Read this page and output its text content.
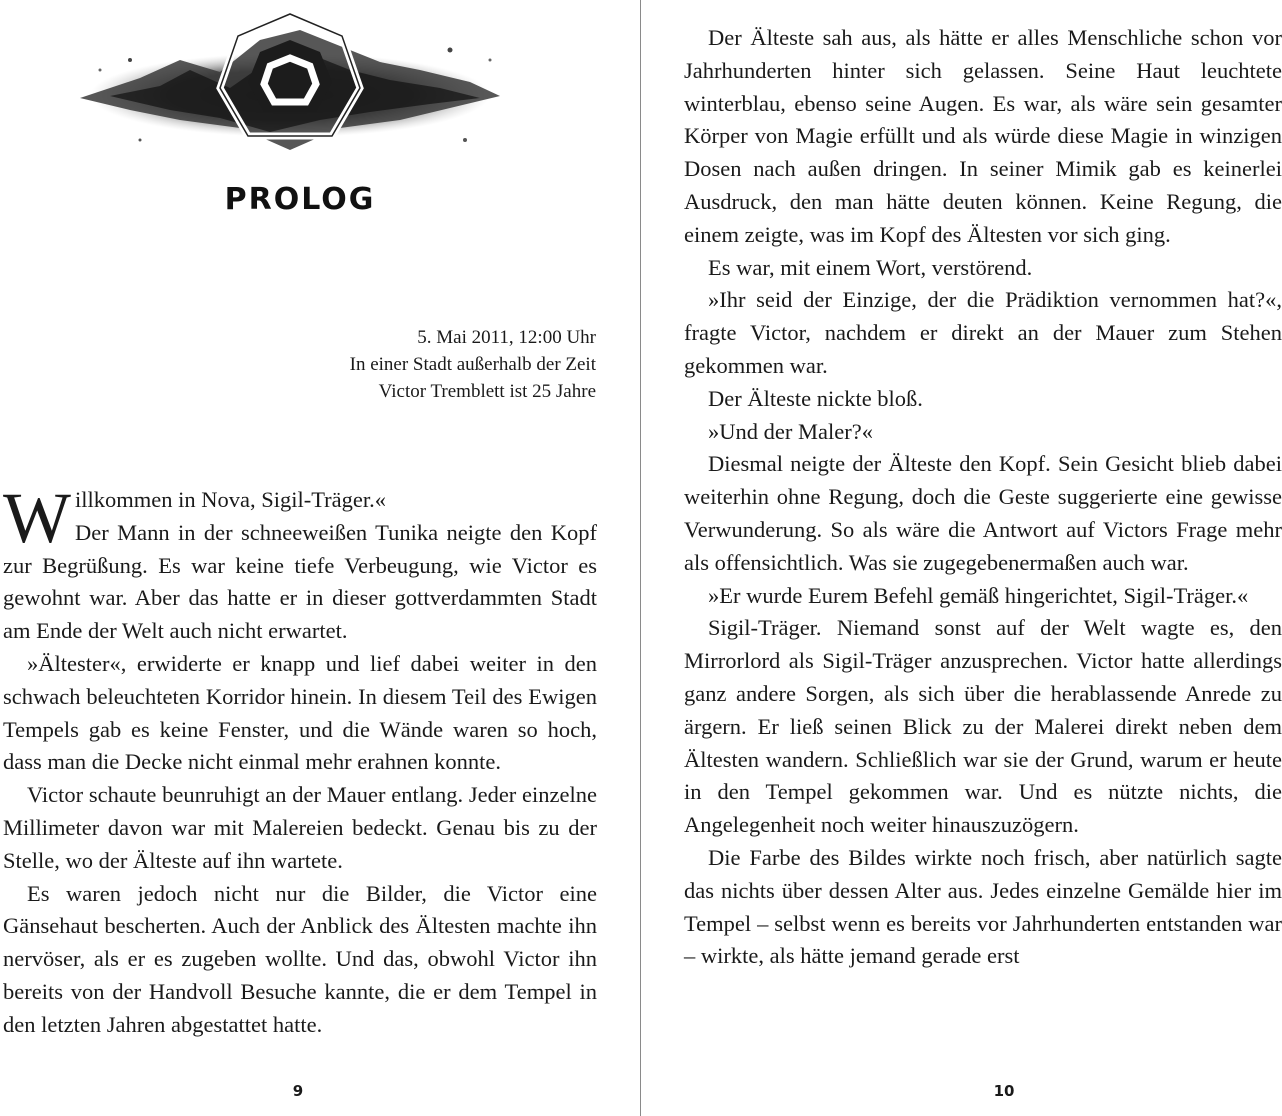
PROLOG
5. Mai 2011, 12:00 Uhr
In einer Stadt außerhalb der Zeit
Victor Tremblett ist 25 Jahre

Willkommen in Nova, Sigil-Träger.«

Der Mann in der schneeweißen Tunika neigte den Kopf zur Begrüßung. Es war keine tiefe Verbeugung, wie Victor es gewohnt war. Aber das hatte er in dieser gottverdammten Stadt am Ende der Welt auch nicht erwartet.

»Ältester«, erwiderte er knapp und lief dabei weiter in den schwach beleuchteten Korridor hinein. In diesem Teil des Ewigen Tempels gab es keine Fenster, und die Wände waren so hoch, dass man die Decke nicht einmal mehr erahnen konnte.

Victor schaute beunruhigt an der Mauer entlang. Jeder einzelne Millimeter davon war mit Malereien bedeckt. Genau bis zu der Stelle, wo der Älteste auf ihn wartete.

Es waren jedoch nicht nur die Bilder, die Victor eine Gänsehaut bescherten. Auch der Anblick des Ältesten machte ihn nervöser, als er es zugeben wollte. Und das, obwohl Victor ihn bereits von der Handvoll Besuche kannte, die er dem Tempel in den letzten Jahren abgestattet hatte.

9

Der Älteste sah aus, als hätte er alles Menschliche schon vor Jahrhunderten hinter sich gelassen. Seine Haut leuchtete winterblau, ebenso seine Augen. Es war, als wäre sein gesamter Körper von Magie erfüllt und als würde diese Magie in winzigen Dosen nach außen dringen. In seiner Mimik gab es keinerlei Ausdruck, den man hätte deuten können. Keine Regung, die einem zeigte, was im Kopf des Ältesten vor sich ging.

Es war, mit einem Wort, verstörend.

»Ihr seid der Einzige, der die Prädiktion vernommen hat?«, fragte Victor, nachdem er direkt an der Mauer zum Stehen gekommen war.

Der Älteste nickte bloß.

»Und der Maler?«

Diesmal neigte der Älteste den Kopf. Sein Gesicht blieb dabei weiterhin ohne Regung, doch die Geste suggerierte eine gewisse Verwunderung. So als wäre die Antwort auf Victors Frage mehr als offensichtlich. Was sie zugegebenermaßen auch war.

»Er wurde Eurem Befehl gemäß hingerichtet, Sigil-Träger.«

Sigil-Träger. Niemand sonst auf der Welt wagte es, den Mirrorlord als Sigil-Träger anzusprechen. Victor hatte allerdings ganz andere Sorgen, als sich über die herablassende Anrede zu ärgern. Er ließ seinen Blick zu der Malerei direkt neben dem Ältesten wandern. Schließlich war sie der Grund, warum er heute in den Tempel gekommen war. Und es nützte nichts, die Angelegenheit noch weiter hinauszuzögern.

Die Farbe des Bildes wirkte noch frisch, aber natürlich sagte das nichts über dessen Alter aus. Jedes einzelne Gemälde hier im Tempel – selbst wenn es bereits vor Jahrhunderten entstanden war – wirkte, als hätte jemand gerade erst

10
